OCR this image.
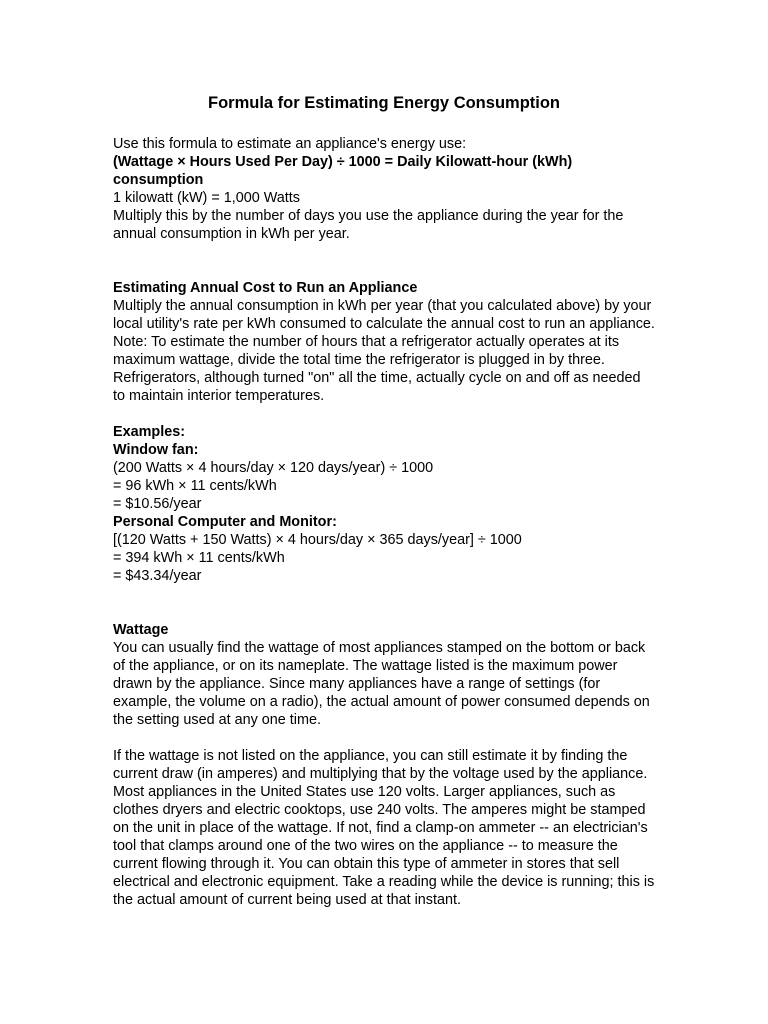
Formula for Estimating Energy Consumption

Use this formula to estimate an appliance's energy use:

(Wattage × Hours Used Per Day) ÷ 1000 = Daily Kilowatt-hour (kWh) consumption

1 kilowatt (kW) = 1,000 Watts

Multiply this by the number of days you use the appliance during the year for the annual consumption in kWh per year.

Estimating Annual Cost to Run an Appliance

Multiply the annual consumption in kWh per year (that you calculated above) by your local utility's rate per kWh consumed to calculate the annual cost to run an appliance. Note: To estimate the number of hours that a refrigerator actually operates at its maximum wattage, divide the total time the refrigerator is plugged in by three. Refrigerators, although turned "on" all the time, actually cycle on and off as needed to maintain interior temperatures.

Examples:

Window fan:

(200 Watts × 4 hours/day × 120 days/year) ÷ 1000

= 96 kWh × 11 cents/kWh

= $10.56/year

Personal Computer and Monitor:

[(120 Watts + 150 Watts) × 4 hours/day × 365 days/year] ÷ 1000

= 394 kWh × 11 cents/kWh

= $43.34/year

Wattage

You can usually find the wattage of most appliances stamped on the bottom or back of the appliance, or on its nameplate. The wattage listed is the maximum power drawn by the appliance. Since many appliances have a range of settings (for example, the volume on a radio), the actual amount of power consumed depends on the setting used at any one time.

If the wattage is not listed on the appliance, you can still estimate it by finding the current draw (in amperes) and multiplying that by the voltage used by the appliance. Most appliances in the United States use 120 volts. Larger appliances, such as clothes dryers and electric cooktops, use 240 volts. The amperes might be stamped on the unit in place of the wattage. If not, find a clamp-on ammeter -- an electrician's tool that clamps around one of the two wires on the appliance -- to measure the current flowing through it. You can obtain this type of ammeter in stores that sell electrical and electronic equipment. Take a reading while the device is running; this is the actual amount of current being used at that instant.
